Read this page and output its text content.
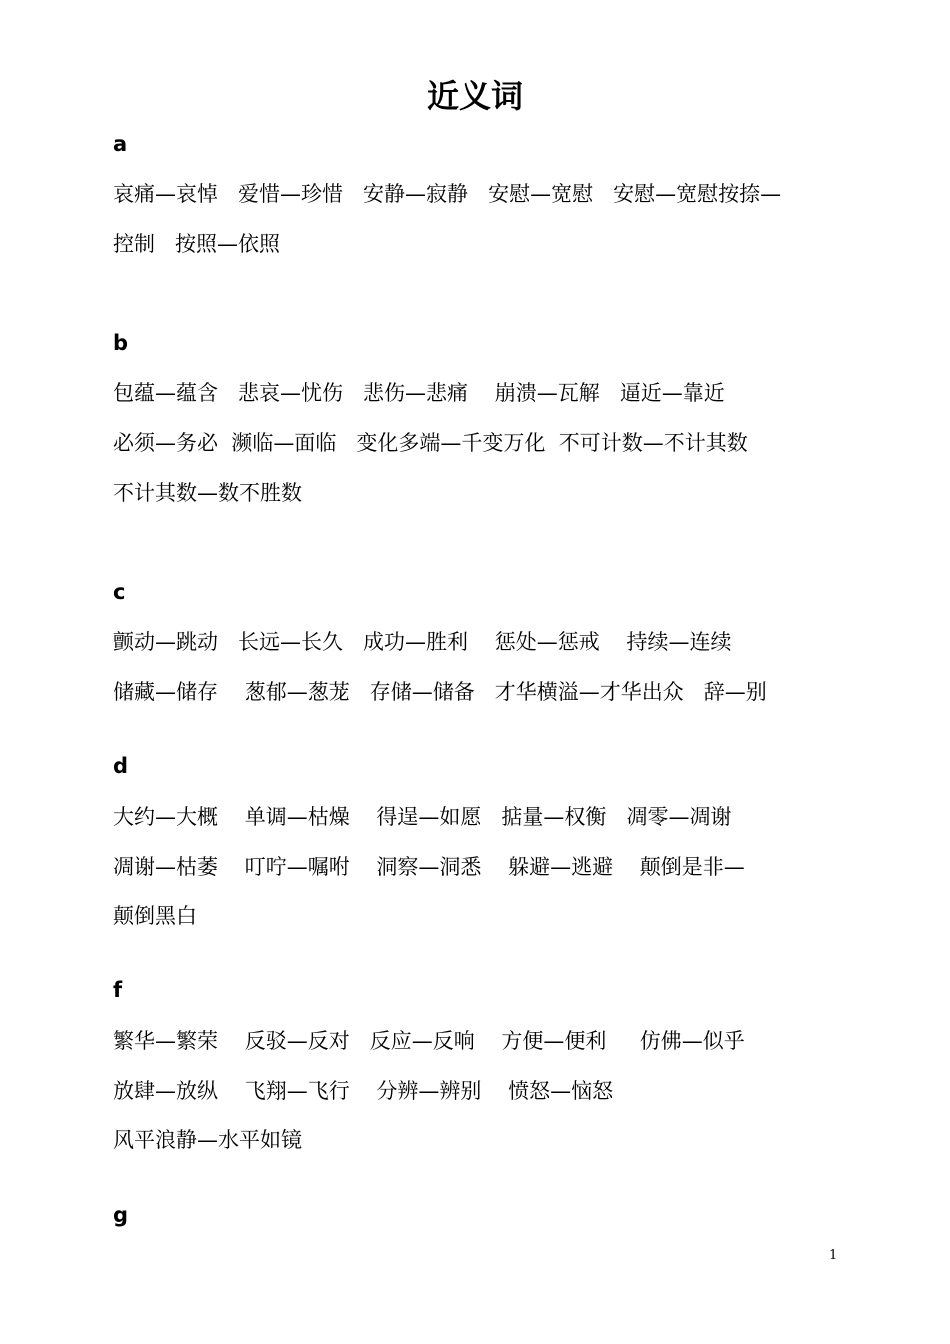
近义词
a
哀痛—哀悼   爱惜—珍惜   安静—寂静   安慰—宽慰   安慰—宽慰按捺—
控制   按照—依照
b
包蕴—蕴含   悲哀—忧伤   悲伤—悲痛    崩溃—瓦解   逼近—靠近
必须—务必  濒临—面临   变化多端—千变万化  不可计数—不计其数
不计其数—数不胜数
c
颤动—跳动   长远—长久   成功—胜利    惩处—惩戒    持续—连续
储藏—储存    葱郁—葱茏   存储—储备   才华横溢—才华出众   辞—别
d
大约—大概    单调—枯燥    得逞—如愿   掂量—权衡   凋零—凋谢
凋谢—枯萎    叮咛—嘱咐    洞察—洞悉    躲避—逃避    颠倒是非—
颠倒黑白
f
繁华—繁荣    反驳—反对   反应—反响    方便—便利     仿佛—似乎
放肆—放纵    飞翔—飞行    分辨—辨别    愤怒—恼怒
风平浪静—水平如镜
g
1
